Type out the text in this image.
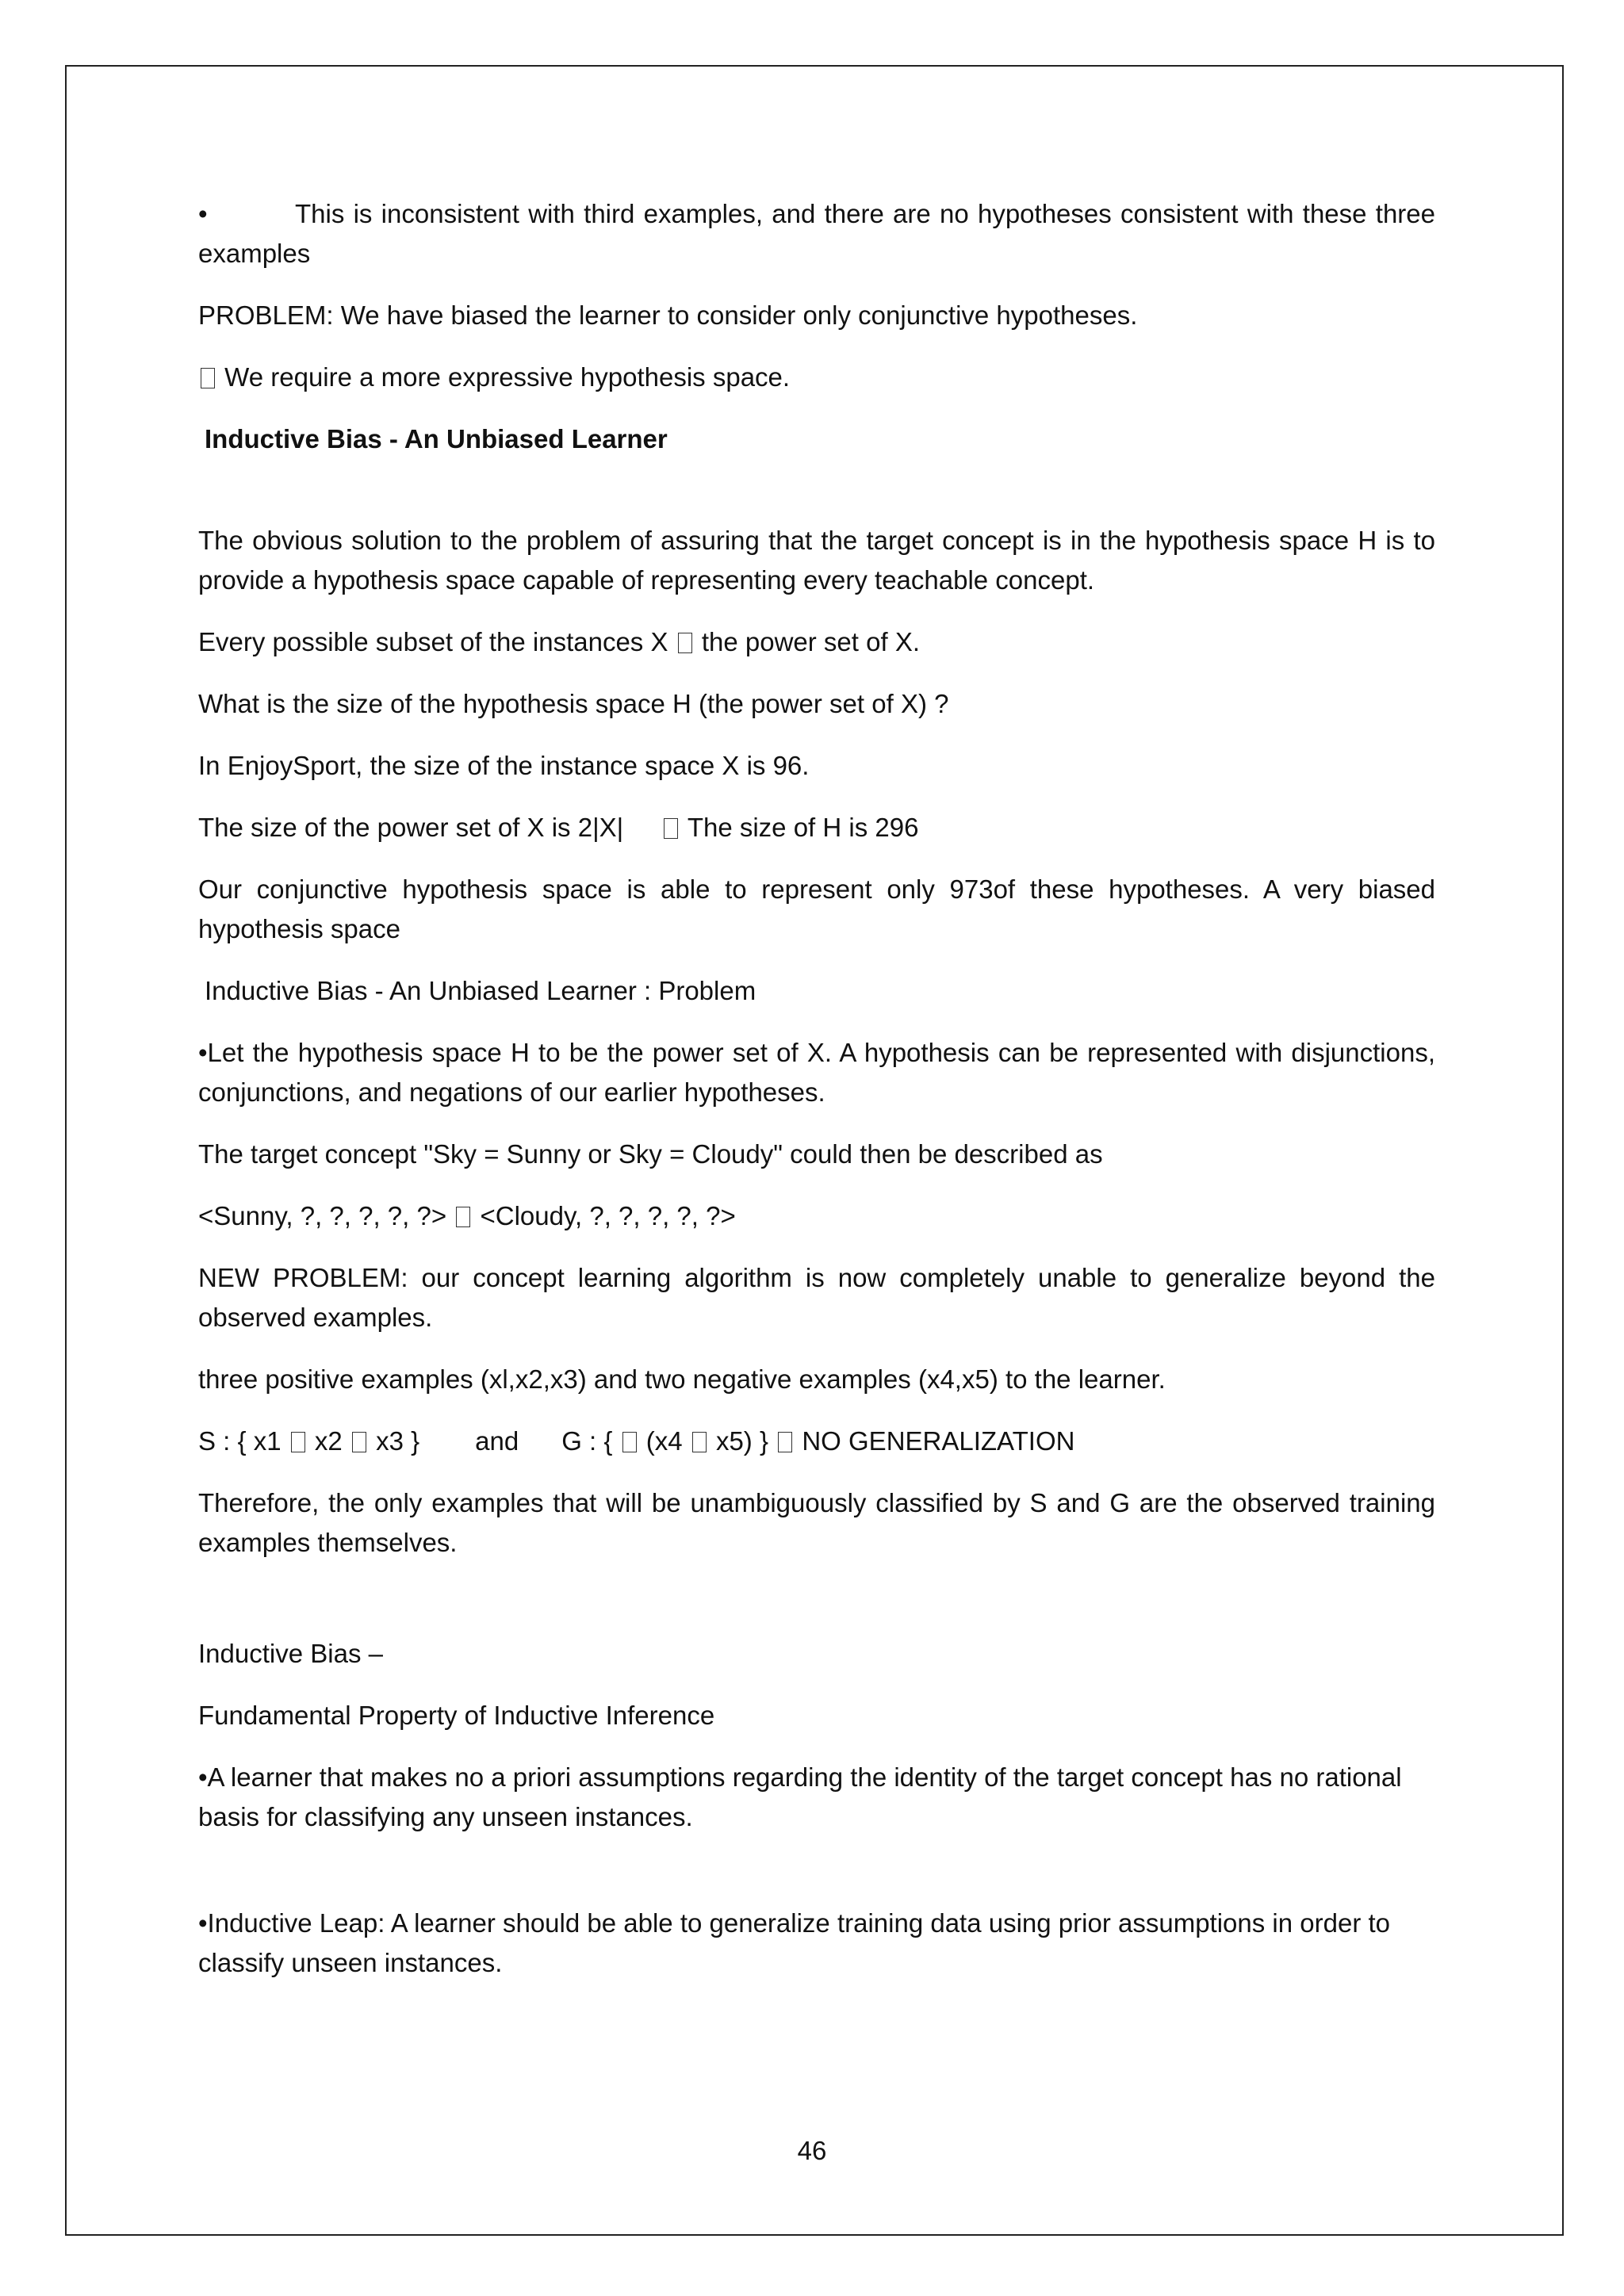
•	This is inconsistent with third examples, and there are no hypotheses consistent with these three examples

PROBLEM: We have biased the learner to consider only conjunctive hypotheses.

We require a more expressive hypothesis space.

Inductive Bias - An Unbiased Learner

The obvious solution to the problem of assuring that the target concept is in the hypothesis space H is to provide a hypothesis space capable of representing every teachable concept.

Every possible subset of the instances X the power set of X.

What is the size of the hypothesis space H (the power set of X) ?

In EnjoySport, the size of the instance space X is 96.

The size of the power set of X is 2|X| The size of H is 296

Our conjunctive hypothesis space is able to represent only 973of these hypotheses. A very biased hypothesis space

Inductive Bias - An Unbiased Learner : Problem

•Let the hypothesis space H to be the power set of X. A hypothesis can be represented with disjunctions, conjunctions, and negations of our earlier hypotheses.

The target concept "Sky = Sunny or Sky = Cloudy" could then be described as

<Sunny, ?, ?, ?, ?, ?> <Cloudy, ?, ?, ?, ?, ?>

NEW PROBLEM: our concept learning algorithm is now completely unable to generalize beyond the observed examples.

three positive examples (xl,x2,x3) and two negative examples (x4,x5) to the learner.

S : { x1 x2 x3 } and G : { (x4 x5) } NO GENERALIZATION

Therefore, the only examples that will be unambiguously classified by S and G are the observed training examples themselves.

Inductive Bias –

Fundamental Property of Inductive Inference

•A learner that makes no a priori assumptions regarding the identity of the target concept has no rational basis for classifying any unseen instances.

•Inductive Leap: A learner should be able to generalize training data using prior assumptions in order to classify unseen instances.

46
